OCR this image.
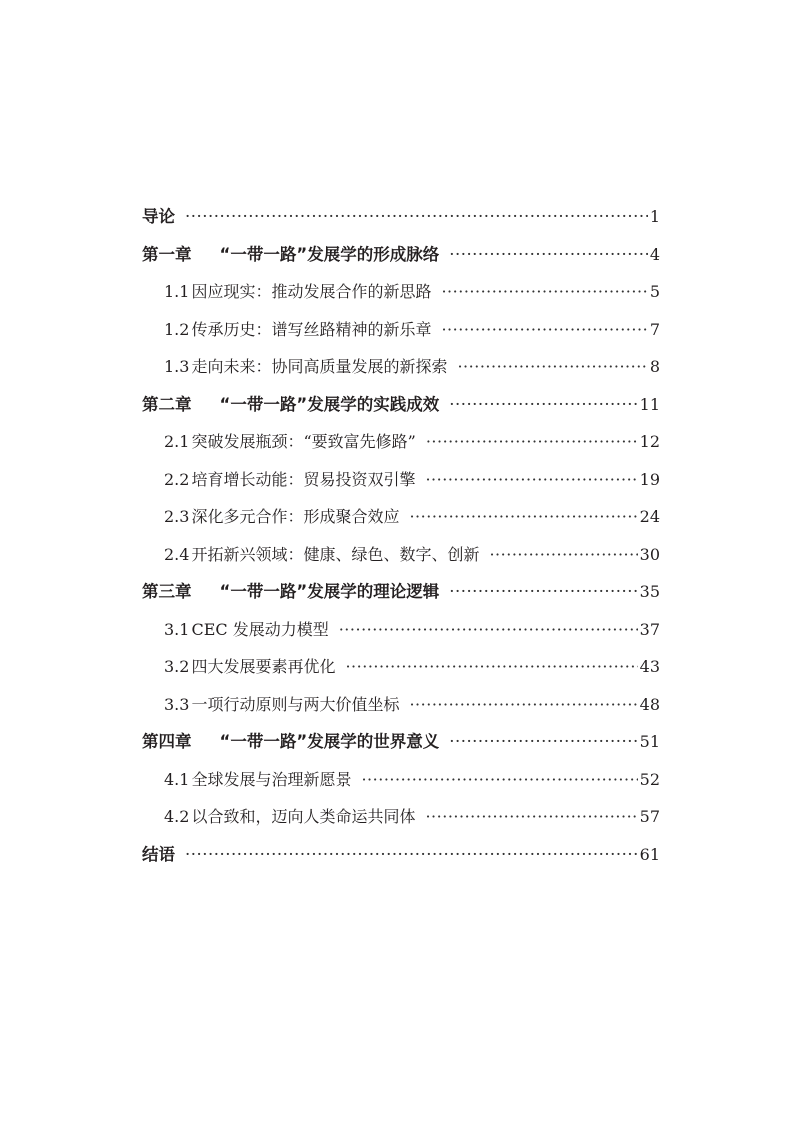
导论 ·····	1
第一章 “一带一路”发展学的形成脉络 ·····	4
1.1 因应现实：推动发展合作的新思路 ·····	5
1.2 传承历史：谱写丝路精神的新乐章 ·····	7
1.3 走向未来：协同高质量发展的新探索 ·····	8
第二章 “一带一路”发展学的实践成效 ·····	11
2.1 突破发展瓶颈：“要致富先修路” ·····	12
2.2 培育增长动能：贸易投资双引擎 ·····	19
2.3 深化多元合作：形成聚合效应 ·····	24
2.4 开拓新兴领域：健康、绿色、数字、创新 ·····	30
第三章 “一带一路”发展学的理论逻辑 ·····	35
3.1 CEC 发展动力模型 ·····	37
3.2 四大发展要素再优化 ·····	43
3.3 一项行动原则与两大价值坐标 ·····	48
第四章 “一带一路”发展学的世界意义 ·····	51
4.1 全球发展与治理新愿景 ·····	52
4.2 以合致和，迈向人类命运共同体 ·····	57
结语 ·····	61
